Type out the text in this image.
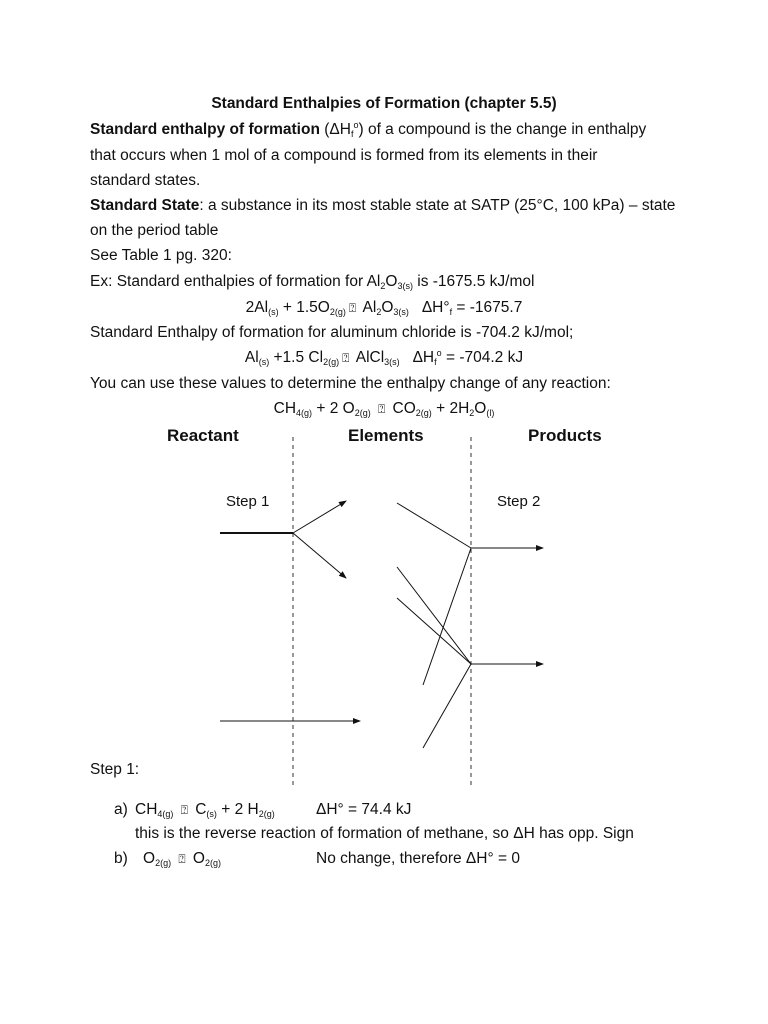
Standard Enthalpies of Formation (chapter 5.5)
Standard enthalpy of formation $(\Delta H_f^o)$ of a compound is the change in enthalpy
that occurs when 1 mol of a compound is formed from its elements in their
standard states.
Standard State: a substance in its most stable state at SATP (25°C, 100 kPa) – state
on the period table
See Table 1 pg. 320:
Ex: Standard enthalpies of formation for $Al_2O_{3(s)}$ is -1675.5 kJ/mol
$2Al_{(s)} + 1.5O_{2(g)}$ ⍰ $Al_2O_{3(s)}$ $\Delta H^\circ_f = -1675.7$
Standard Enthalpy of formation for aluminum chloride is -704.2 kJ/mol;
$Al_{(s)} +1.5$ $Cl_{2(g)}$ ⍰ AlCl$_{3(s)}$ $\Delta H_f^o = -704.2$ kJ
You can use these values to determine the enthalpy change of any reaction:
$CH_{4(g)} + 2$ $O_{2(g)}$ ⍰ $CO_{2(g)} + 2H_2O_{(l)}$
Reactant	Elements	Products
Step 1	Step 2
Step 1:
a) $CH_{4(g)}$ ⍰ $C_{(s)} + 2$ $H_{2(g)}$	ΔH° = 74.4 kJ
this is the reverse reaction of formation of methane, so ΔH has opp. Sign
b) $O_{2(g)}$ ⍰ $O_{2(g)}$	No change, therefore ΔH° = 0
